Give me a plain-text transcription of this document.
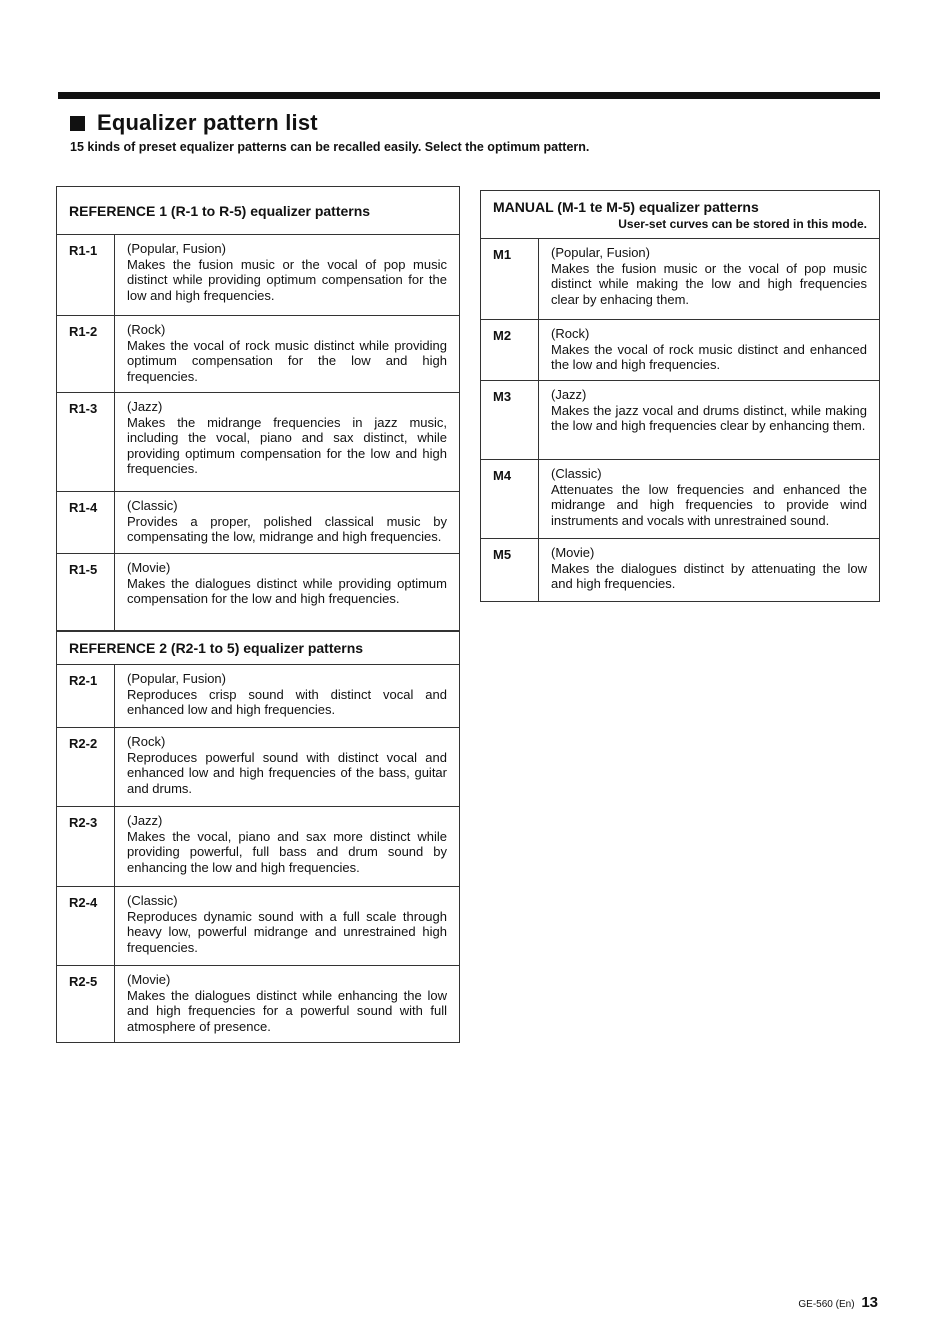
Equalizer pattern list
15 kinds of preset equalizer patterns can be recalled easily. Select the optimum pattern.
REFERENCE 1 (R-1 to R-5) equalizer patterns
R1-1	(Popular, Fusion)
Makes the fusion music or the vocal of pop music distinct while providing optimum compensation for the low and high frequencies.
R1-2	(Rock)
Makes the vocal of rock music distinct while providing optimum compensation for the low and high frequencies.
R1-3	(Jazz)
Makes the midrange frequencies in jazz music, including the vocal, piano and sax distinct, while providing optimum compensation for the low and high frequencies.
R1-4	(Classic)
Provides a proper, polished classical music by compensating the low, midrange and high frequencies.
R1-5	(Movie)
Makes the dialogues distinct while providing optimum compensation for the low and high frequencies.
REFERENCE 2 (R2-1 to 5) equalizer patterns
R2-1	(Popular, Fusion)
Reproduces crisp sound with distinct vocal and enhanced low and high frequencies.
R2-2	(Rock)
Reproduces powerful sound with distinct vocal and enhanced low and high frequencies of the bass, guitar and drums.
R2-3	(Jazz)
Makes the vocal, piano and sax more distinct while providing powerful, full bass and drum sound by enhancing the low and high frequencies.
R2-4	(Classic)
Reproduces dynamic sound with a full scale through heavy low, powerful midrange and unrestrained high frequencies.
R2-5	(Movie)
Makes the dialogues distinct while enhancing the low and high frequencies for a powerful sound with full atmosphere of presence.
MANUAL (M-1 te M-5) equalizer patterns
User-set curves can be stored in this mode.
M1	(Popular, Fusion)
Makes the fusion music or the vocal of pop music distinct while making the low and high frequencies clear by enhacing them.
M2	(Rock)
Makes the vocal of rock music distinct and enhanced the low and high frequencies.
M3	(Jazz)
Makes the jazz vocal and drums distinct, while making the low and high frequencies clear by enhancing them.
M4	(Classic)
Attenuates the low frequencies and enhanced the midrange and high frequencies to provide wind instruments and vocals with unrestrained sound.
M5	(Movie)
Makes the dialogues distinct by attenuating the low and high frequencies.
GE-560 (En) 13
